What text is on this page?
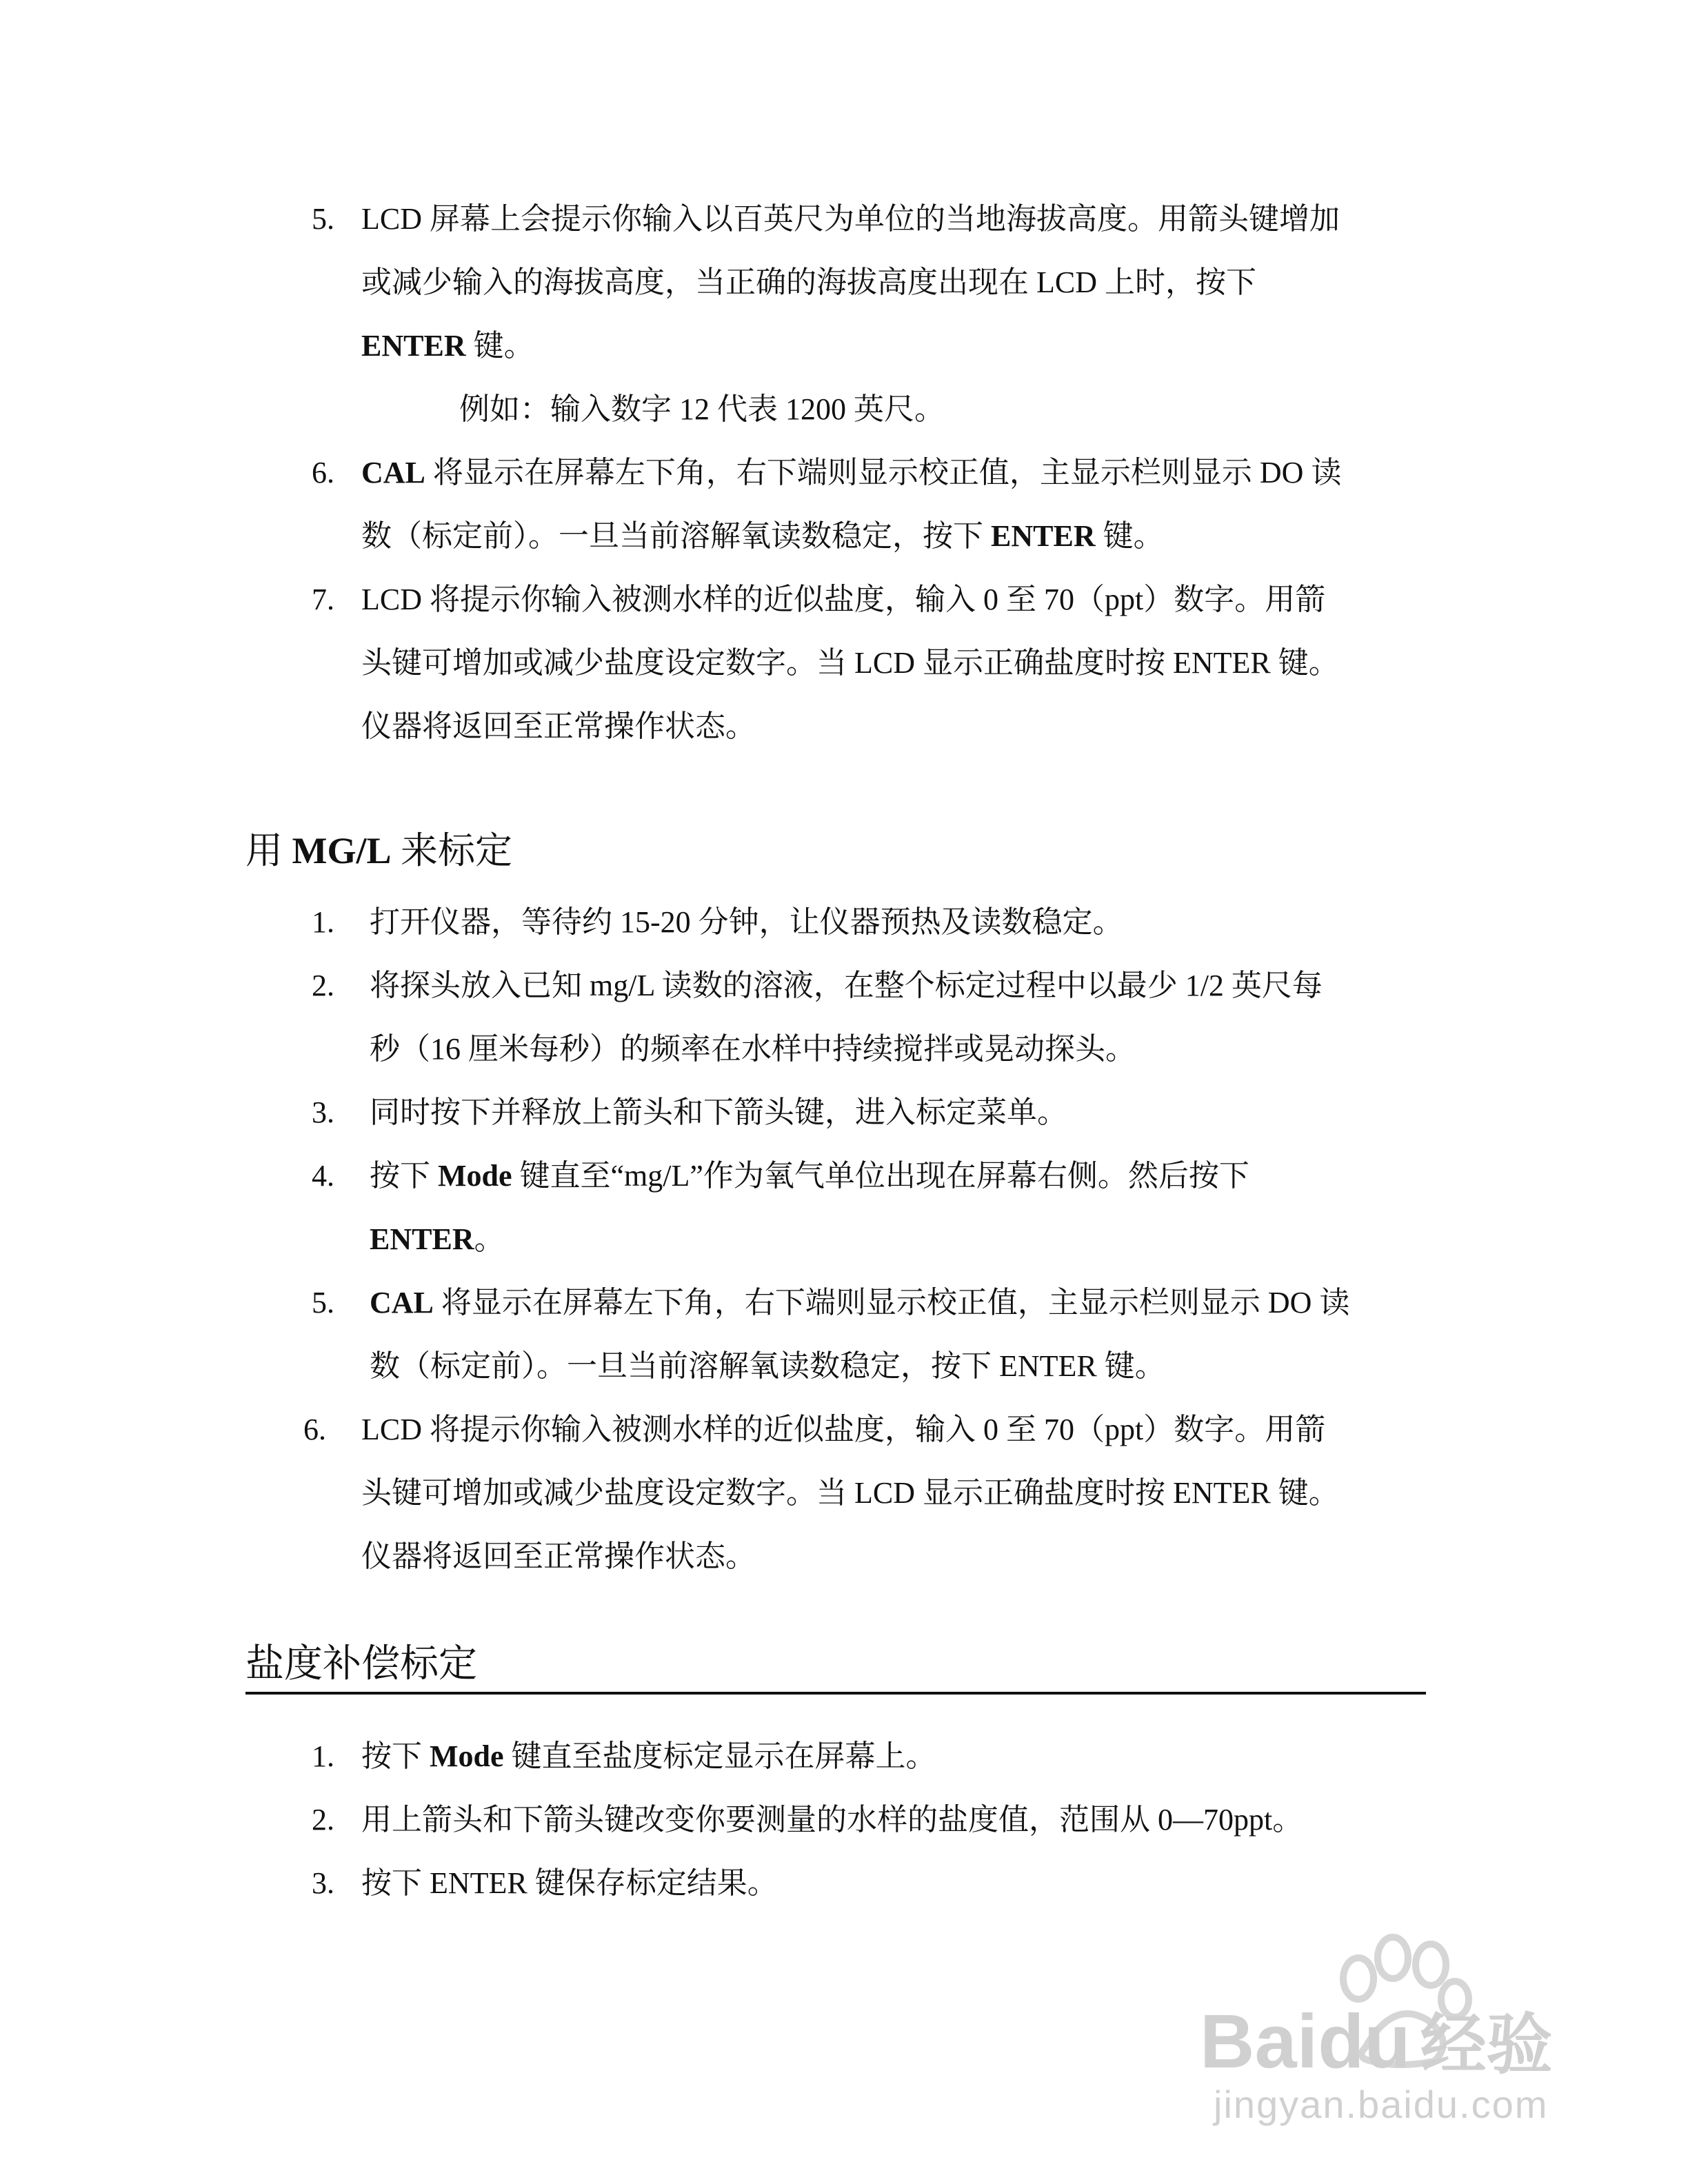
5. LCD 屏幕上会提示你输入以百英尺为单位的当地海拔高度。用箭头键增加
或减少输入的海拔高度，当正确的海拔高度出现在 LCD 上时，按下
ENTER 键。
例如：输入数字 12 代表 1200 英尺。
6. CAL 将显示在屏幕左下角，右下端则显示校正值，主显示栏则显示 DO 读
数（标定前）。一旦当前溶解氧读数稳定，按下 ENTER 键。
7. LCD 将提示你输入被测水样的近似盐度，输入 0 至 70（ppt）数字。用箭
头键可增加或减少盐度设定数字。当 LCD 显示正确盐度时按 ENTER 键。
仪器将返回至正常操作状态。
用 MG/L 来标定
1. 打开仪器，等待约 15-20 分钟，让仪器预热及读数稳定。
2. 将探头放入已知 mg/L 读数的溶液，在整个标定过程中以最少 1/2 英尺每
秒（16 厘米每秒）的频率在水样中持续搅拌或晃动探头。
3. 同时按下并释放上箭头和下箭头键，进入标定菜单。
4. 按下 Mode 键直至“mg/L”作为氧气单位出现在屏幕右侧。然后按下
ENTER。
5. CAL 将显示在屏幕左下角，右下端则显示校正值，主显示栏则显示 DO 读
数（标定前）。一旦当前溶解氧读数稳定，按下 ENTER 键。
6. LCD 将提示你输入被测水样的近似盐度，输入 0 至 70（ppt）数字。用箭
头键可增加或减少盐度设定数字。当 LCD 显示正确盐度时按 ENTER 键。
仪器将返回至正常操作状态。
盐度补偿标定
1. 按下 Mode 键直至盐度标定显示在屏幕上。
2. 用上箭头和下箭头键改变你要测量的水样的盐度值，范围从 0—70ppt。
3. 按下 ENTER 键保存标定结果。
Baidu 经验
jingyan.baidu.com
